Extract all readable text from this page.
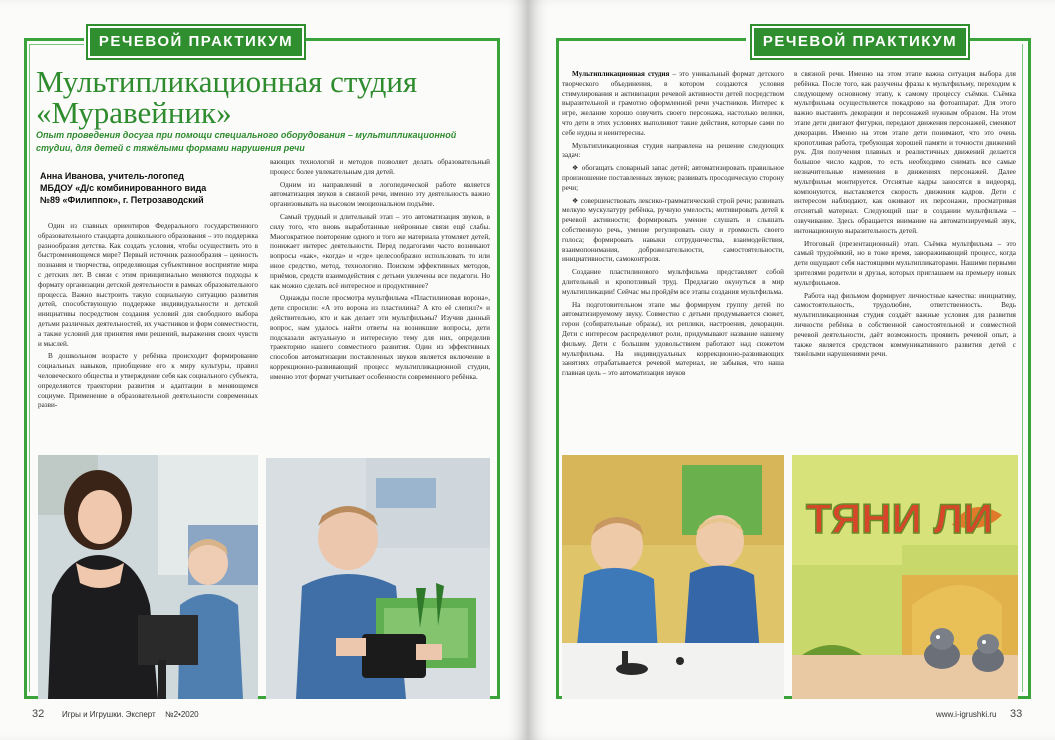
РЕЧЕВОЙ ПРАКТИКУМ
Мультипликационная студия
«Муравейник»
Опыт проведения досуга при помощи специального оборудования – мультипликационной студии, для детей с тяжёлыми формами нарушения речи
Анна Иванова, учитель-логопед
МБДОУ «Д/с комбинированного вида
№89 «Филиппок», г. Петрозаводский

Один из главных ориентиров Федерального государственного образовательного стандарта дошкольного образования – это поддержка разнообразия детства. Как создать условия, чтобы осуществить это в быстроменяющемся мире? Первый источник разнообразия – ценность познания и творчества, определяющая субъективное восприятие мира с детских лет. В связи с этим принципиально меняются подходы к формату организации детской деятельности в рамках образовательного процесса. Важно выстроить такую социальную ситуацию развития детей, способствующую поддержке индивидуальности и детской инициативы посредством создания условий для свободного выбора детьми различных деятельностей, их участников и форм совместности, а также условий для принятия ими решений, выражения своих чувств и мыслей.

В дошкольном возрасте у ребёнка происходит формирование социальных навыков, приобщение его к миру культуры, правил человеческого общества и утверждение себя как социального субъекта, определяются траектории развития и адаптации в меняющемся социуме. Применение в образовательной деятельности современных разви-

вающих технологий и методов позволяет делать образовательный процесс более увлекательным для детей.

Одним из направлений в логопедической работе является автоматизация звуков в связной речи, именно эту деятельность важно организовывать на высоком эмоциональном подъёме.

Самый трудный и длительный этап – это автоматизация звуков, в силу того, что вновь выработанные нейронные связи ещё слабы. Многократное повторение одного и того же материала утомляет детей, понижает интерес деятельности. Перед педагогами часто возникают вопросы «как», «когда» и «где» целесообразно использовать то или иное средство, метод, технологию. Поиском эффективных методов, приёмов, средств взаимодействия с детьми увлечены все педагоги. Но как можно сделать всё интересное и продуктивнее?

Однажды после просмотра мультфильма «Пластилиновая ворона», дети спросили: «А это ворона из пластилина? А кто её слепил?» и действительно, кто и как делает эти мультфильмы? Изучив данный вопрос, нам удалось найти ответы на возникшие вопросы, дети подсказали актуальную и интересную тему для них, определив траекторию нашего совместного развития. Один из эффективных способов автоматизации поставленных звуков является включение в коррекционно-развивающий процесс мультипликационной студии, именно этот формат учитывает особенности современного ребёнка.

32 Игры и Игрушки. Эксперт №2•2020
РЕЧЕВОЙ ПРАКТИКУМ

Мультипликационная студия – это уникальный формат детского творческого объединения, в котором создаются условия стимулирования и активизации речевой активности детей посредством выразительной и грамотно оформленной речи участников. Интерес к игре, желание хорошо озвучить своего персонажа, настолько велики, что дети в этих условиях выполняют такие действия, которые сами по себе нудны и неинтересны.

Мультипликационная студия направлена на решение следующих задач:

❖ обогащать словарный запас детей; автоматизировать правильное произношение поставленных звуков; развивать просодическую сторону речи;

❖ совершенствовать лексико-грамматический строй речи; развивать мелкую мускулатуру ребёнка, ручную умелость; мотивировать детей к речевой активности; формировать умение слушать и слышать собственную речь, умение регулировать силу и громкость своего голоса; формировать навыки сотрудничества, взаимодействия, взаимопонимания, доброжелательности, самостоятельности, инициативности, самоконтроля.

Создание пластилинового мультфильма представляет собой длительный и кропотливый труд. Предлагаю окунуться в мир мультипликации! Сейчас мы пройдём все этапы создания мультфильма.

На подготовительном этапе мы формируем группу детей по автоматизируемому звуку. Совместно с детьми продумывается сюжет, герои (собирательные образы), их реплики, настроения, декорации. Дети с интересом распределяют роли, придумывают название нашему фильму. Дети с большим удовольствием работают над сюжетом мультфильма. На индивидуальных коррекционно-развивающих занятиях отрабатывается речевой материал, не забывая, что наша главная цель – это автоматизация звуков

в связной речи. Именно на этом этапе важна ситуация выбора для ребёнка. После того, как разучены фразы к мультфильму, переходим к следующему основному этапу, к самому процессу съёмки. Съёмка мультфильма осуществляется покадрово на фотоаппарат. Для этого важно выставить декорации и персонажей нужным образом. На этом этапе дети двигают фигурки, передают движения персонажей, сменяют декорации. Именно на этом этапе дети понимают, что это очень кропотливая работа, требующая хорошей памяти и точности движений рук. Для получения плавных и реалистичных движений делается большое число кадров, то есть необходимо снимать все самые незначительные изменения в движениях персонажей. Далее мультфильм монтируется. Отснятые кадры заносятся в видеоряд, компонуются, выставляется скорость движения кадров. Дети с интересом наблюдают, как оживают их персонажи, просматривая отснятый материал. Следующий шаг в создании мультфильма – озвучивание. Здесь обращается внимание на автоматизируемый звук, интонационную выразительность детей.

Итоговый (презентационный) этап. Съёмка мультфильма – это самый трудоёмкий, но в тоже время, завораживающий процесс, когда дети ощущают себя настоящими мультипликаторами. Нашими первыми зрителями родители и друзья, которых приглашаем на премьеру новых мультфильмов.

Работа над фильмом формирует личностные качества: инициативу, самостоятельность, трудолюбие, ответственность. Ведь мультипликационная студия создаёт важные условия для развития личности ребёнка в собственной самостоятельной и совместной речевой деятельности, даёт возможность проявить речевой опыт, а также является средством коммуникативного развития детей с тяжёлыми нарушениями речи.

ТЯНИ ЛИ
www.i-igrushki.ru 33
